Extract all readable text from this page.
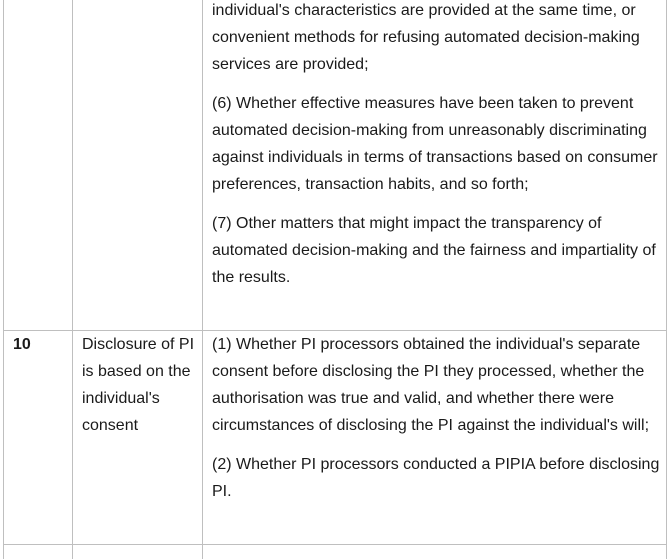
individual's characteristics are provided at the same time, or convenient methods for refusing automated decision-making services are provided;

(6) Whether effective measures have been taken to prevent automated decision-making from unreasonably discriminating against individuals in terms of transactions based on consumer preferences, transaction habits, and so forth;

(7) Other matters that might impact the transparency of automated decision-making and the fairness and impartiality of the results.

10	Disclosure of PI is based on the individual's consent

(1) Whether PI processors obtained the individual's separate consent before disclosing the PI they processed, whether the authorisation was true and valid, and whether there were circumstances of disclosing the PI against the individual's will;

(2) Whether PI processors conducted a PIPIA before disclosing PI.
